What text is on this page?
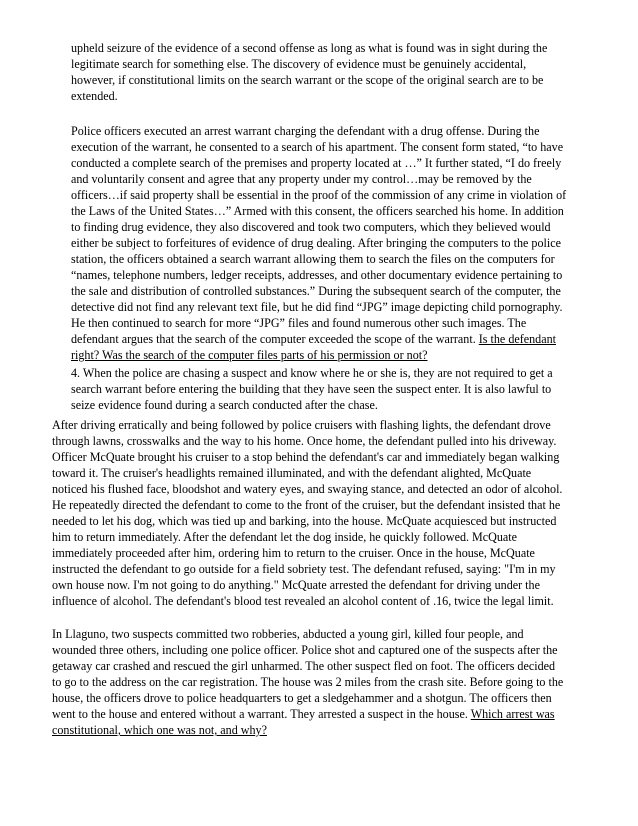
upheld seizure of the evidence of a second offense as long as what is found was in sight during the
legitimate search for something else. The discovery of evidence must be genuinely accidental,
however, if constitutional limits on the search warrant or the scope of the original search are to be
extended.
Police officers executed an arrest warrant charging the defendant with a drug offense. During the
execution of the warrant, he consented to a search of his apartment. The consent form stated, “to have
conducted a complete search of the premises and property located at …” It further stated, “I do freely
and voluntarily consent and agree that any property under my control…may be removed by the
officers…if said property shall be essential in the proof of the commission of any crime in violation of
the Laws of the United States…” Armed with this consent, the officers searched his home. In addition
to finding drug evidence, they also discovered and took two computers, which they believed would
either be subject to forfeitures of evidence of drug dealing. After bringing the computers to the police
station, the officers obtained a search warrant allowing them to search the files on the computers for
“names, telephone numbers, ledger receipts, addresses, and other documentary evidence pertaining to
the sale and distribution of controlled substances.” During the subsequent search of the computer, the
detective did not find any relevant text file, but he did find “JPG” image depicting child pornography.
He then continued to search for more “JPG” files and found numerous other such images. The
defendant argues that the search of the computer exceeded the scope of the warrant. Is the defendant
right? Was the search of the computer files parts of his permission or not?
4. When the police are chasing a suspect and know where he or she is, they are not required to get a
search warrant before entering the building that they have seen the suspect enter. It is also lawful to
seize evidence found during a search conducted after the chase.
After driving erratically and being followed by police cruisers with flashing lights, the defendant drove
through lawns, crosswalks and the way to his home. Once home, the defendant pulled into his driveway.
Officer McQuate brought his cruiser to a stop behind the defendant's car and immediately began walking
toward it. The cruiser's headlights remained illuminated, and with the defendant alighted, McQuate
noticed his flushed face, bloodshot and watery eyes, and swaying stance, and detected an odor of alcohol.
He repeatedly directed the defendant to come to the front of the cruiser, but the defendant insisted that he
needed to let his dog, which was tied up and barking, into the house. McQuate acquiesced but instructed
him to return immediately. After the defendant let the dog inside, he quickly followed. McQuate
immediately proceeded after him, ordering him to return to the cruiser. Once in the house, McQuate
instructed the defendant to go outside for a field sobriety test. The defendant refused, saying: "I'm in my
own house now. I'm not going to do anything." McQuate arrested the defendant for driving under the
influence of alcohol. The defendant's blood test revealed an alcohol content of .16, twice the legal limit.
In Llaguno, two suspects committed two robberies, abducted a young girl, killed four people, and
wounded three others, including one police officer. Police shot and captured one of the suspects after the
getaway car crashed and rescued the girl unharmed. The other suspect fled on foot. The officers decided
to go to the address on the car registration. The house was 2 miles from the crash site. Before going to the
house, the officers drove to police headquarters to get a sledgehammer and a shotgun. The officers then
went to the house and entered without a warrant. They arrested a suspect in the house. Which arrest was
constitutional, which one was not, and why?
